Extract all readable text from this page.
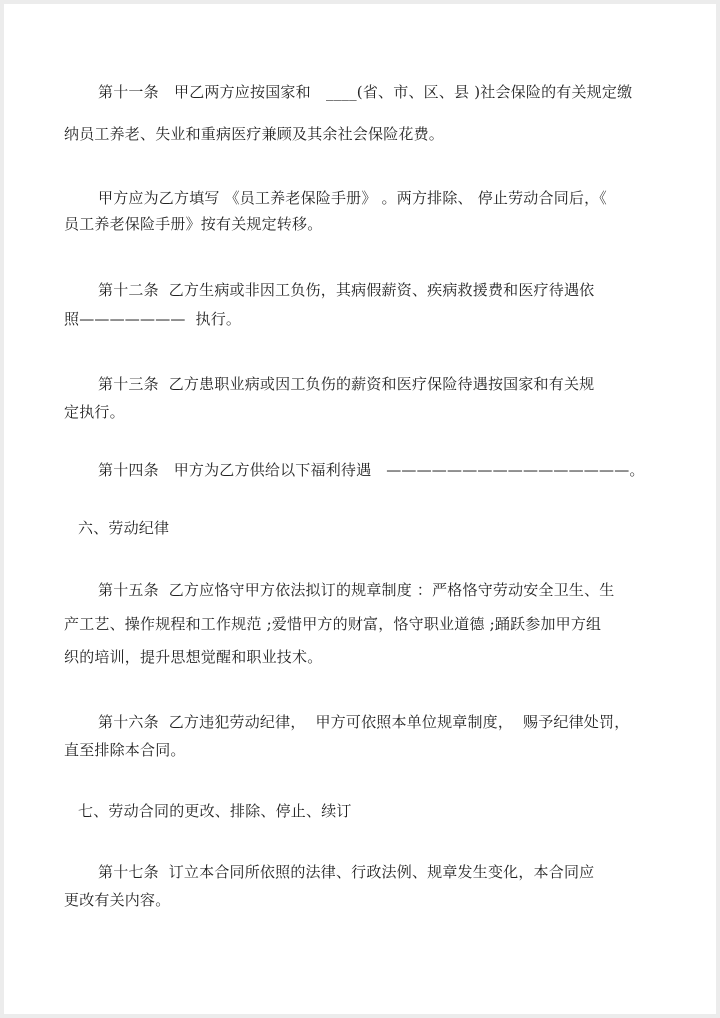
第十一条　甲乙两方应按国家和　____(省、市、区、县 )社会保险的有关规定缴
纳员工养老、失业和重病医疗兼顾及其余社会保险花费。
甲方应为乙方填写 《员工养老保险手册》 。两方排除、 停止劳动合同后，《
员工养老保险手册》按有关规定转移。
第十二条  乙方生病或非因工负伤，其病假薪资、疾病救援费和医疗待遇依
照———————  执行。
第十三条  乙方患职业病或因工负伤的薪资和医疗保险待遇按国家和有关规
定执行。
第十四条   甲方为乙方供给以下福利待遇   ————————————————。
六、劳动纪律
第十五条  乙方应恪守甲方依法拟订的规章制度 ：严格恪守劳动安全卫生、生
产工艺、操作规程和工作规范 ;爱惜甲方的财富，恪守职业道德 ;踊跃参加甲方组
织的培训，提升思想觉醒和职业技术。
第十六条  乙方违犯劳动纪律，  甲方可依照本单位规章制度，  赐予纪律处罚，
直至排除本合同。
七、劳动合同的更改、排除、停止、续订
第十七条  订立本合同所依照的法律、行政法例、规章发生变化，本合同应
更改有关内容。
